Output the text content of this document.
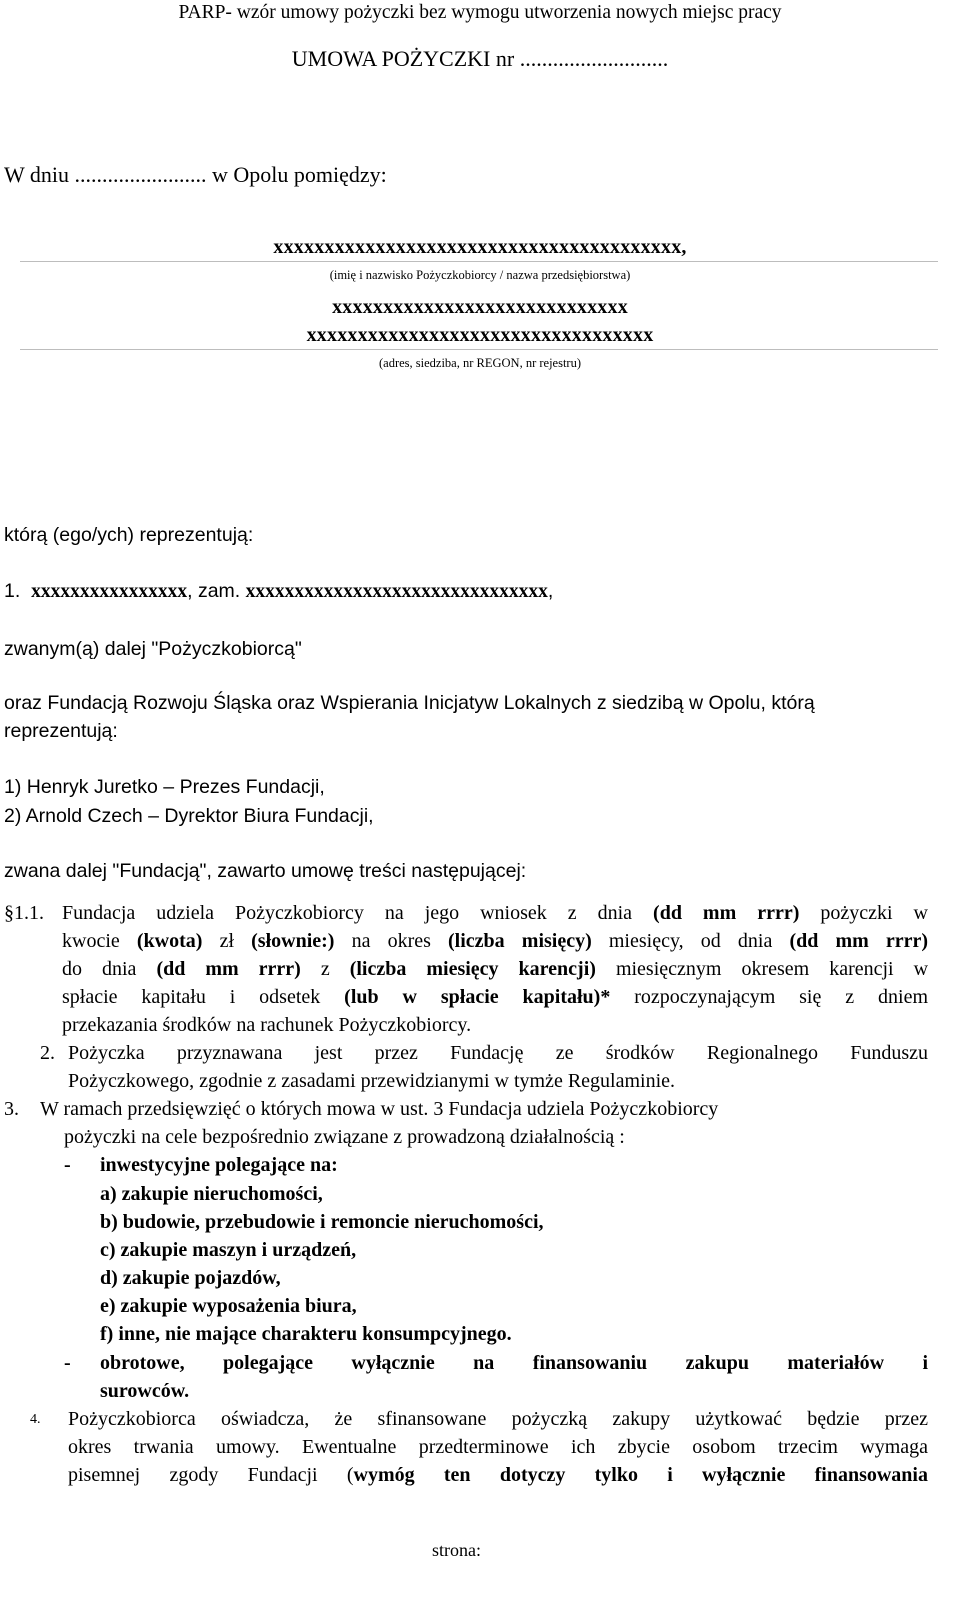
PARP- wzór umowy pożyczki bez wymogu utworzenia nowych miejsc pracy
UMOWA POŻYCZKI nr ...........................
W dniu ........................ w Opolu pomiędzy:
xxxxxxxxxxxxxxxxxxxxxxxxxxxxxxxxxxxxxxxx,
(imię i nazwisko Pożyczkobiorcy / nazwa przedsiębiorstwa)
xxxxxxxxxxxxxxxxxxxxxxxxxxxxx
xxxxxxxxxxxxxxxxxxxxxxxxxxxxxxxxxx
(adres, siedziba, nr REGON, nr rejestru)
którą (ego/ych) reprezentują:
1. xxxxxxxxxxxxxxxx, zam. xxxxxxxxxxxxxxxxxxxxxxxxxxxxxxx,
zwanym(ą) dalej "Pożyczkobiorcą"
oraz Fundacją Rozwoju Śląska oraz Wspierania Inicjatyw Lokalnych z siedzibą w Opolu, którą
reprezentują:
1) Henryk Juretko – Prezes Fundacji,
2) Arnold Czech – Dyrektor Biura Fundacji,
zwana dalej "Fundacją", zawarto umowę treści następującej:
§1.1. Fundacja udziela Pożyczkobiorcy na jego wniosek z dnia (dd mm rrrr) pożyczki w
kwocie (kwota) zł (słownie:) na okres (liczba misięcy) miesięcy, od dnia (dd mm rrrr)
do dnia (dd mm rrrr) z (liczba miesięcy karencji) miesięcznym okresem karencji w
spłacie kapitału i odsetek (lub w spłacie kapitału)* rozpoczynającym się z dniem
przekazania środków na rachunek Pożyczkobiorcy.
2. Pożyczka przyznawana jest przez Fundację ze środków Regionalnego Funduszu
Pożyczkowego, zgodnie z zasadami przewidzianymi w tymże Regulaminie.
3. W ramach przedsięwzięć o których mowa w ust. 3 Fundacja udziela Pożyczkobiorcy
pożyczki na cele bezpośrednio związane z prowadzoną działalnością :
- inwestycyjne polegające na:
a) zakupie nieruchomości,
b) budowie, przebudowie i remoncie nieruchomości,
c) zakupie maszyn i urządzeń,
d) zakupie pojazdów,
e) zakupie wyposażenia biura,
f) inne, nie mające charakteru konsumpcyjnego.
- obrotowe, polegające wyłącznie na finansowaniu zakupu materiałów i
surowców.
4. Pożyczkobiorca oświadcza, że sfinansowane pożyczką zakupy użytkować będzie przez
okres trwania umowy. Ewentualne przedterminowe ich zbycie osobom trzecim wymaga
pisemnej zgody Fundacji (wymóg ten dotyczy tylko i wyłącznie finansowania
strona:
